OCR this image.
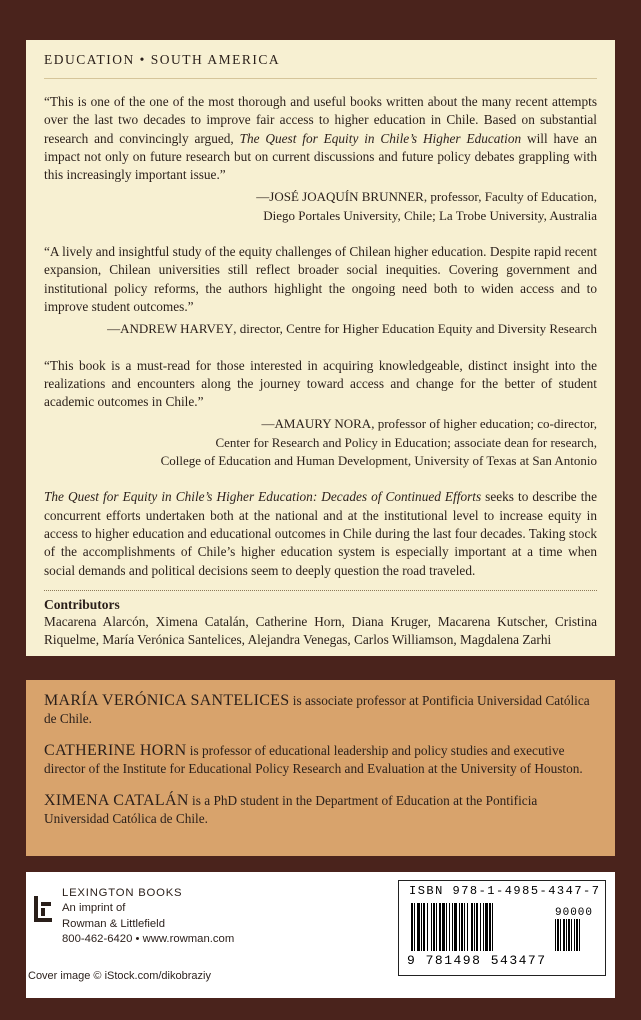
EDUCATION • SOUTH AMERICA
“This is one of the one of the most thorough and useful books written about the many recent attempts over the last two decades to improve fair access to higher education in Chile. Based on substantial research and convincingly argued, The Quest for Equity in Chile’s Higher Education will have an impact not only on future research but on current discussions and future policy debates grappling with this increasingly important issue.”
—JOSÉ JOAQUÍN BRUNNER, professor, Faculty of Education,
Diego Portales University, Chile; La Trobe University, Australia
“A lively and insightful study of the equity challenges of Chilean higher education. Despite rapid recent expansion, Chilean universities still reflect broader social inequities. Covering government and institutional policy reforms, the authors highlight the ongoing need both to widen access and to improve student outcomes.”
—ANDREW HARVEY, director, Centre for Higher Education Equity and Diversity Research
“This book is a must-read for those interested in acquiring knowledgeable, distinct insight into the realizations and encounters along the journey toward access and change for the better of student academic outcomes in Chile.”
—AMAURY NORA, professor of higher education; co-director,
Center for Research and Policy in Education; associate dean for research,
College of Education and Human Development, University of Texas at San Antonio
The Quest for Equity in Chile’s Higher Education: Decades of Continued Efforts seeks to describe the concurrent efforts undertaken both at the national and at the institutional level to increase equity in access to higher education and educational outcomes in Chile during the last four decades. Taking stock of the accomplishments of Chile’s higher education system is especially important at a time when social demands and political decisions seem to deeply question the road traveled.
Contributors
Macarena Alarcón, Ximena Catalán, Catherine Horn, Diana Kruger, Macarena Kutscher, Cristina Riquelme, María Verónica Santelices, Alejandra Venegas, Carlos Williamson, Magdalena Zarhi
MARÍA VERÓNICA SANTELICES is associate professor at Pontificia Universidad Católica de Chile.
CATHERINE HORN is professor of educational leadership and policy studies and executive director of the Institute for Educational Policy Research and Evaluation at the University of Houston.
XIMENA CATALÁN is a PhD student in the Department of Education at the Pontificia Universidad Católica de Chile.
LEXINGTON BOOKS
An imprint of
Rowman & Littlefield
800-462-6420 • www.rowman.com
Cover image © iStock.com/dikobraziy
ISBN 978-1-4985-4347-7
90000
9 781498 543477
